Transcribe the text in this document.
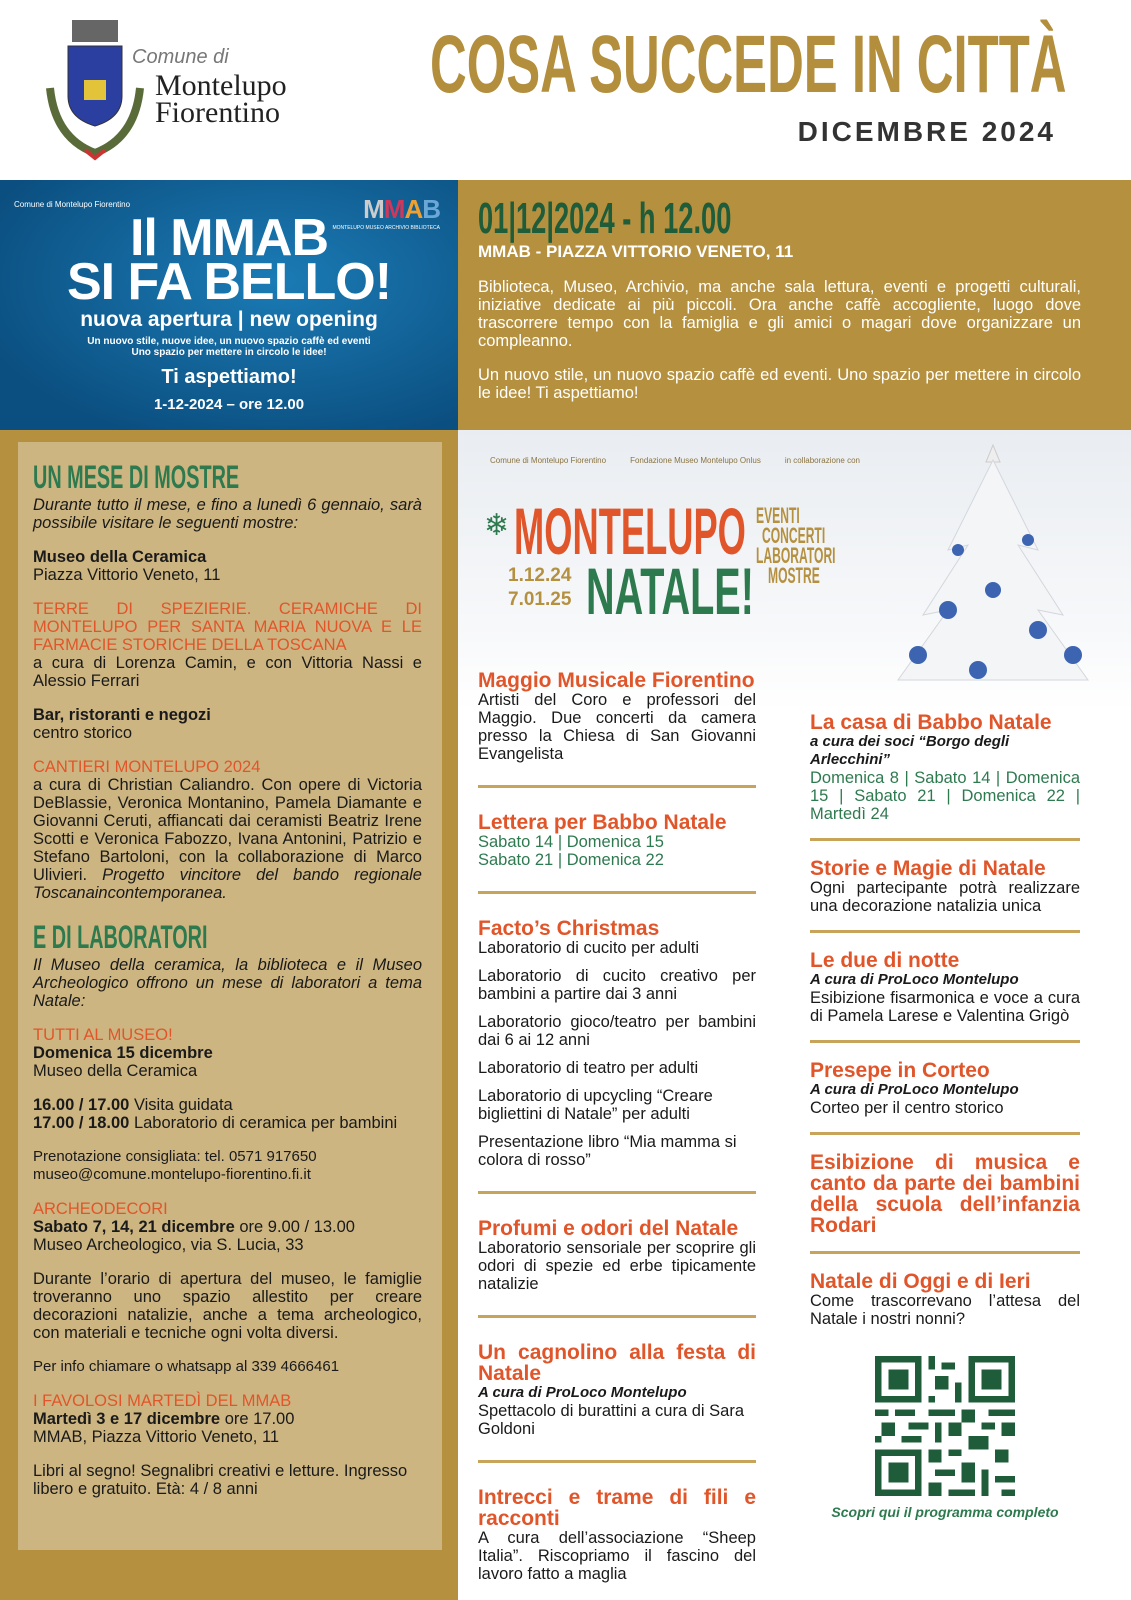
Comune di
Montelupo
Fiorentino
COSA SUCCEDE IN CITTÀ
DICEMBRE 2024
Comune di Montelupo Fiorentino	MMAB
MONTELUPO MUSEO ARCHIVIO BIBLIOTECA
Il MMAB
SI FA BELLO!
nuova apertura | new opening
Un nuovo stile, nuove idee, un nuovo spazio caffè ed eventi
Uno spazio per mettere in circolo le idee!
Ti aspettiamo!
1-12-2024 – ore 12.00
01|12|2024 - h 12.00
MMAB - PIAZZA VITTORIO VENETO, 11

Biblioteca, Museo, Archivio, ma anche sala lettura, eventi e progetti culturali, iniziative dedicate ai più piccoli. Ora anche caffè accogliente, luogo dove trascorrere tempo con la famiglia e gli amici o magari dove organizzare un compleanno.

Un nuovo stile, un nuovo spazio caffè ed eventi. Uno spazio per mettere in circolo le idee! Ti aspettiamo!

UN MESE DI MOSTRE
Durante tutto il mese, e fino a lunedì 6 gennaio, sarà possibile visitare le seguenti mostre:
Museo della Ceramica
Piazza Vittorio Veneto, 11
TERRE DI SPEZIERIE. CERAMICHE DI MONTELUPO PER SANTA MARIA NUOVA E LE FARMACIE STORICHE DELLA TOSCANA
a cura di Lorenza Camin, e con Vittoria Nassi e Alessio Ferrari
Bar, ristoranti e negozi
centro storico
CANTIERI MONTELUPO 2024
a cura di Christian Caliandro. Con opere di Victoria DeBlassie, Veronica Montanino, Pamela Diamante e Giovanni Ceruti, affiancati dai ceramisti Beatriz Irene Scotti e Veronica Fabozzo, Ivana Antonini, Patrizio e Stefano Bartoloni, con la collaborazione di Marco Ulivieri. Progetto vincitore del bando regionale Toscanaincontemporanea.
E DI LABORATORI
Il Museo della ceramica, la biblioteca e il Museo Archeologico offrono un mese di laboratori a tema Natale:
TUTTI AL MUSEO!
Domenica 15 dicembre
Museo della Ceramica
16.00 / 17.00 Visita guidata
17.00 / 18.00 Laboratorio di ceramica per bambini
Prenotazione consigliata: tel. 0571 917650
museo@comune.montelupo-fiorentino.fi.it
ARCHEODECORI
Sabato 7, 14, 21 dicembre ore 9.00 / 13.00
Museo Archeologico, via S. Lucia, 33
Durante l’orario di apertura del museo, le famiglie troveranno uno spazio allestito per creare decorazioni natalizie, anche a tema archeologico, con materiali e tecniche ogni volta diversi.
Per info chiamare o whatsapp al 339 4666461
I FAVOLOSI MARTEDÌ DEL MMAB
Martedì 3 e 17 dicembre ore 17.00
MMAB, Piazza Vittorio Veneto, 11
Libri al segno! Segnalibri creativi e letture. Ingresso libero e gratuito. Età: 4 / 8 anni
Comune di Montelupo Fiorentino	Fondazione Museo Montelupo Onlus	in collaborazione con
❄ MONTELUPO
1.12.24
7.01.25 NATALE!
EVENTI
CONCERTI
LABORATORI
MOSTRE
Maggio Musicale Fiorentino
Artisti del Coro e professori del Maggio. Due concerti da camera presso la Chiesa di San Giovanni Evangelista
Lettera per Babbo Natale
Sabato 14 | Domenica 15
Sabato 21 | Domenica 22
Facto’s Christmas
Laboratorio di cucito per adulti
Laboratorio di cucito creativo per bambini a partire dai 3 anni
Laboratorio gioco/teatro per bambini dai 6 ai 12 anni
Laboratorio di teatro per adulti
Laboratorio di upcycling “Creare bigliettini di Natale” per adulti
Presentazione libro “Mia mamma si colora di rosso”
Profumi e odori del Natale
Laboratorio sensoriale per scoprire gli odori di spezie ed erbe tipicamente natalizie
Un cagnolino alla festa di Natale
A cura di ProLoco Montelupo
Spettacolo di burattini a cura di Sara Goldoni
Intrecci e trame di fili e racconti
A cura dell’associazione “Sheep Italia”. Riscopriamo il fascino del lavoro fatto a maglia
La casa di Babbo Natale
a cura dei soci “Borgo degli Arlecchini”
Domenica 8 | Sabato 14 | Domenica 15 | Sabato 21 | Domenica 22 | Martedì 24
Storie e Magie di Natale
Ogni partecipante potrà realizzare una decorazione natalizia unica
Le due di notte
A cura di ProLoco Montelupo
Esibizione fisarmonica e voce a cura di Pamela Larese e Valentina Grigò
Presepe in Corteo
A cura di ProLoco Montelupo
Corteo per il centro storico
Esibizione di musica e canto da parte dei bambini della scuola dell’infanzia Rodari
Natale di Oggi e di Ieri
Come trascorrevano l’attesa del Natale i nostri nonni?
Scopri qui il programma completo
